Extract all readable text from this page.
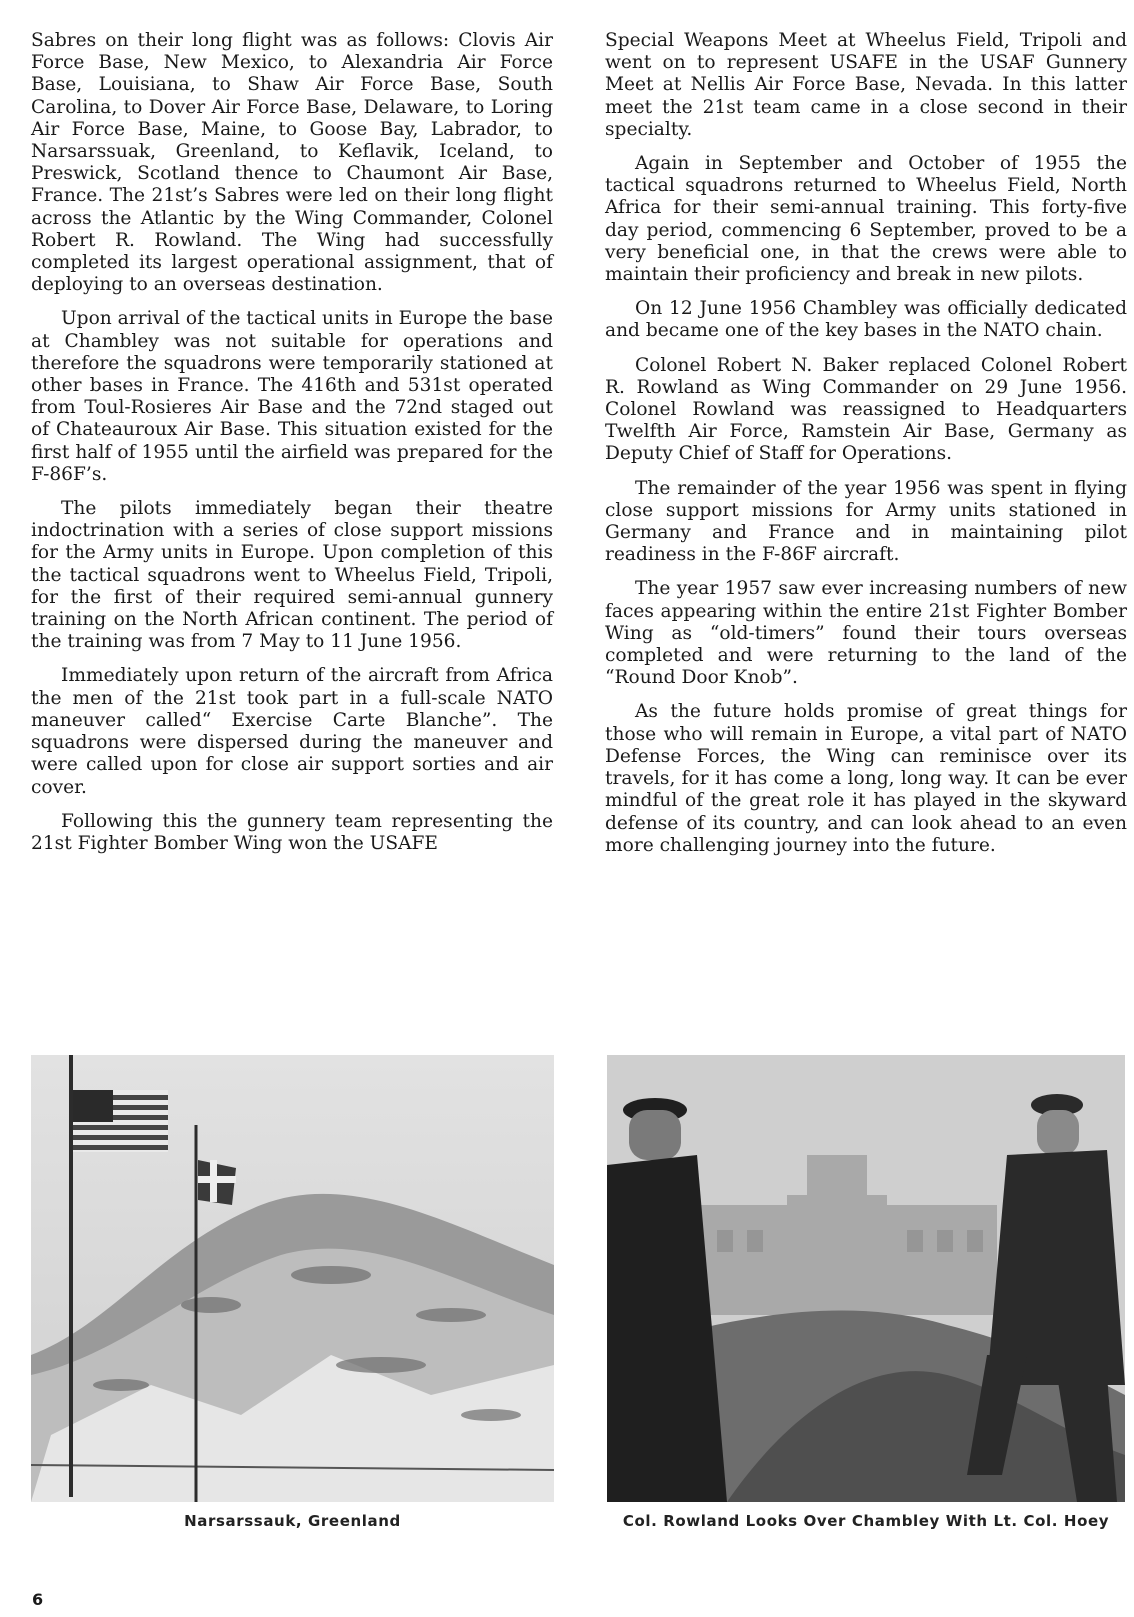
Sabres on their long flight was as follows: Clovis Air Force Base, New Mexico, to Alexandria Air Force Base, Louisiana, to Shaw Air Force Base, South Carolina, to Dover Air Force Base, Delaware, to Loring Air Force Base, Maine, to Goose Bay, Labrador, to Narsarssuak, Greenland, to Keflavik, Iceland, to Preswick, Scotland thence to Chaumont Air Base, France. The 21st’s Sabres were led on their long flight across the Atlantic by the Wing Commander, Colonel Robert R. Rowland. The Wing had successfully completed its largest operational assignment, that of deploying to an overseas destination.

Upon arrival of the tactical units in Europe the base at Chambley was not suitable for operations and therefore the squadrons were temporarily stationed at other bases in France. The 416th and 531st operated from Toul-Rosieres Air Base and the 72nd staged out of Chateauroux Air Base. This situation existed for the first half of 1955 until the airfield was prepared for the F-86F’s.

The pilots immediately began their theatre indoctrination with a series of close support missions for the Army units in Europe. Upon completion of this the tactical squadrons went to Wheelus Field, Tripoli, for the first of their required semi-annual gunnery training on the North African continent. The period of the training was from 7 May to 11 June 1956.

Immediately upon return of the aircraft from Africa the men of the 21st took part in a full-scale NATO maneuver called“ Exercise Carte Blanche”. The squadrons were dispersed during the maneuver and were called upon for close air support sorties and air cover.

Following this the gunnery team representing the 21st Fighter Bomber Wing won the USAFE

Special Weapons Meet at Wheelus Field, Tripoli and went on to represent USAFE in the USAF Gunnery Meet at Nellis Air Force Base, Nevada. In this latter meet the 21st team came in a close second in their specialty.

Again in September and October of 1955 the tactical squadrons returned to Wheelus Field, North Africa for their semi-annual training. This forty-five day period, commencing 6 September, proved to be a very beneficial one, in that the crews were able to maintain their proficiency and break in new pilots.

On 12 June 1956 Chambley was officially dedicated and became one of the key bases in the NATO chain.

Colonel Robert N. Baker replaced Colonel Robert R. Rowland as Wing Commander on 29 June 1956. Colonel Rowland was reassigned to Headquarters Twelfth Air Force, Ramstein Air Base, Germany as Deputy Chief of Staff for Operations.

The remainder of the year 1956 was spent in flying close support missions for Army units stationed in Germany and France and in maintaining pilot readiness in the F-86F aircraft.

The year 1957 saw ever increasing numbers of new faces appearing within the entire 21st Fighter Bomber Wing as “old-timers” found their tours overseas completed and were returning to the land of the “Round Door Knob”.

As the future holds promise of great things for those who will remain in Europe, a vital part of NATO Defense Forces, the Wing can reminisce over its travels, for it has come a long, long way. It can be ever mindful of the great role it has played in the skyward defense of its country, and can look ahead to an even more challenging journey into the future.

Narsarssauk, Greenland	Col. Rowland Looks Over Chambley With Lt. Col. Hoey
6
